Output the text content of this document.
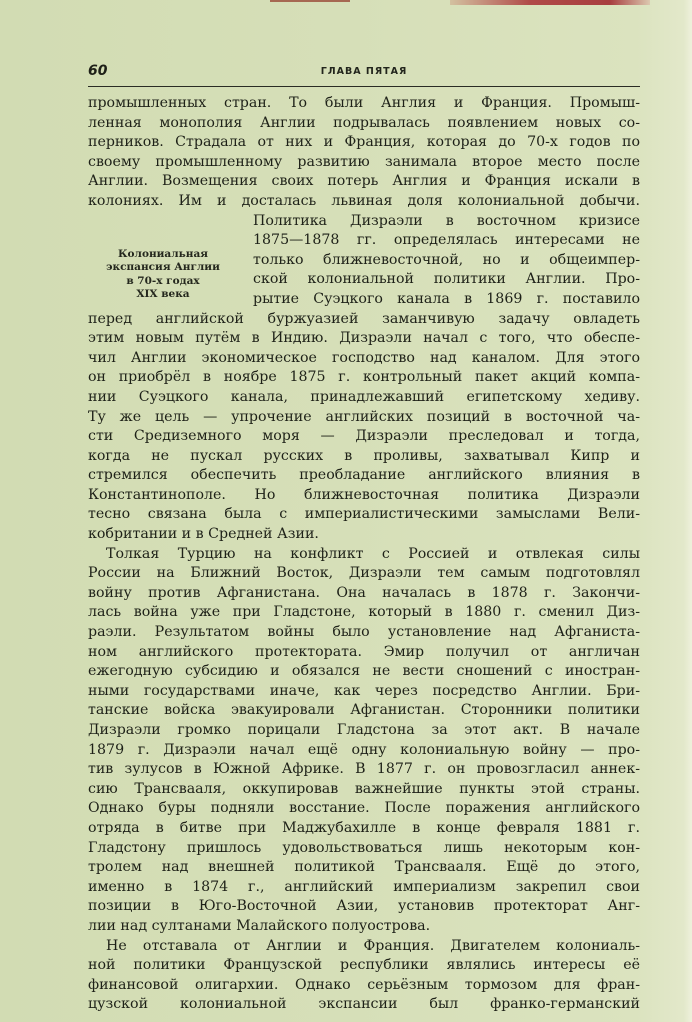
60	ГЛАВА ПЯТАЯ
Колониальная
экспансия Англии
в 70-х годах
XIX века
промышленных стран. То были Англия и Франция. Промыш-
ленная монополия Англии подрывалась появлением новых со-
перников. Страдала от них и Франция, которая до 70-х годов по
своему промышленному развитию занимала второе место после
Англии. Возмещения своих потерь Англия и Франция искали в
колониях. Им и досталась львиная доля колониальной добычи.
Политика Дизраэли в восточном кризисе
1875—1878 гг. определялась интересами не
только ближневосточной, но и общеимпер-
ской колониальной политики Англии. Про-
рытие Суэцкого канала в 1869 г. поставило
перед английской буржуазией заманчивую задачу овладеть
этим новым путём в Индию. Дизраэли начал с того, что обеспе-
чил Англии экономическое господство над каналом. Для этого
он приобрёл в ноябре 1875 г. контрольный пакет акций компа-
нии Суэцкого канала, принадлежавший египетскому хедиву.
Ту же цель — упрочение английских позиций в восточной ча-
сти Средиземного моря — Дизраэли преследовал и тогда,
когда не пускал русских в проливы, захватывал Кипр и
стремился обеспечить преобладание английского влияния в
Константинополе. Но ближневосточная политика Дизраэли
тесно связана была с империалистическими замыслами Вели-
кобритании и в Средней Азии.
Толкая Турцию на конфликт с Россией и отвлекая силы
России на Ближний Восток, Дизраэли тем самым подготовлял
войну против Афганистана. Она началась в 1878 г. Закончи-
лась война уже при Гладстоне, который в 1880 г. сменил Диз-
раэли. Результатом войны было установление над Афганиста-
ном английского протектората. Эмир получил от англичан
ежегодную субсидию и обязался не вести сношений с иностран-
ными государствами иначе, как через посредство Англии. Бри-
танские войска эвакуировали Афганистан. Сторонники политики
Дизраэли громко порицали Гладстона за этот акт. В начале
1879 г. Дизраэли начал ещё одну колониальную войну — про-
тив зулусов в Южной Африке. В 1877 г. он провозгласил аннек-
сию Трансвааля, оккупировав важнейшие пункты этой страны.
Однако буры подняли восстание. После поражения английского
отряда в битве при Маджубахилле в конце февраля 1881 г.
Гладстону пришлось удовольствоваться лишь некоторым кон-
тролем над внешней политикой Трансвааля. Ещё до этого,
именно в 1874 г., английский империализм закрепил свои
позиции в Юго-Восточной Азии, установив протекторат Анг-
лии над султанами Малайского полуострова.
Не отставала от Англии и Франция. Двигателем колониаль-
ной политики Французской республики являлись интересы её
финансовой олигархии. Однако серьёзным тормозом для фран-
цузской колониальной экспансии был франко-германский
